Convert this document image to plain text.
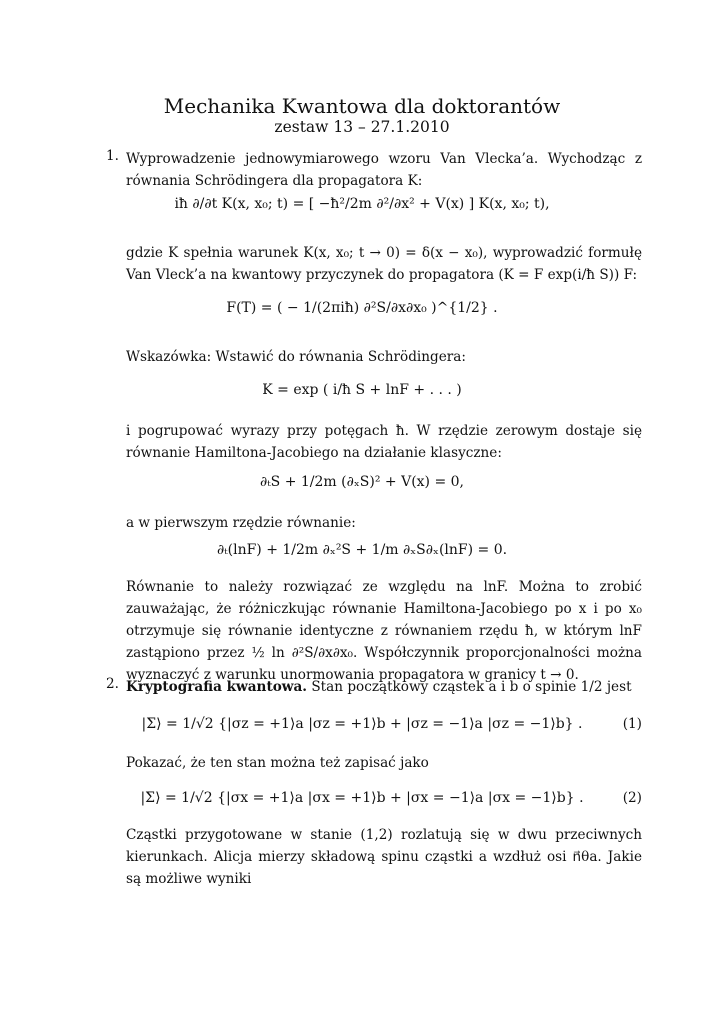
Mechanika Kwantowa dla doktorantów
zestaw 13 – 27.1.2010
1. Wyprowadzenie jednowymiarowego wzoru Van Vlecka’a. Wychodząc z równania Schrödingera dla propagatora K:
iħ ∂/∂t K(x, x₀; t) = [ −ħ²/2m ∂²/∂x² + V(x) ] K(x, x₀; t),
gdzie K spełnia warunek K(x, x₀; t → 0) = δ(x − x₀), wyprowadzić formułę Van Vleck’a na kwantowy przyczynek do propagatora (K = F exp(i/ħ S)) F:
F(T) = ( − 1/(2πiħ) ∂²S/∂x∂x₀ )^{1/2} .
Wskazówka: Wstawić do równania Schrödingera:
K = exp ( i/ħ S + lnF + . . . )
i pogrupować wyrazy przy potęgach ħ. W rzędzie zerowym dostaje się równanie Hamiltona-Jacobiego na działanie klasyczne:
∂ₜS + 1/2m (∂ₓS)² + V(x) = 0,
a w pierwszym rzędzie równanie:
∂ₜ(lnF) + 1/2m ∂ₓ²S + 1/m ∂ₓS∂ₓ(lnF) = 0.
Równanie to należy rozwiązać ze względu na lnF. Można to zrobić zauważając, że różniczkując równanie Hamiltona-Jacobiego po x i po x₀ otrzymuje się równanie identyczne z równaniem rzędu ħ, w którym lnF zastąpiono przez ½ ln ∂²S/∂x∂x₀. Współczynnik proporcjonalności można wyznaczyć z warunku unormowania propagatora w granicy t → 0.
2. Kryptografia kwantowa. Stan początkowy cząstek a i b o spinie 1/2 jest
|Σ⟩ = 1/√2 {|σz = +1⟩a |σz = +1⟩b + |σz = −1⟩a |σz = −1⟩b} .	(1)
Pokazać, że ten stan można też zapisać jako
|Σ⟩ = 1/√2 {|σx = +1⟩a |σx = +1⟩b + |σx = −1⟩a |σx = −1⟩b} .	(2)
Cząstki przygotowane w stanie (1,2) rozlatują się w dwu przeciwnych kierunkach. Alicja mierzy składową spinu cząstki a wzdłuż osi n⃗θa. Jakie są możliwe wyniki
